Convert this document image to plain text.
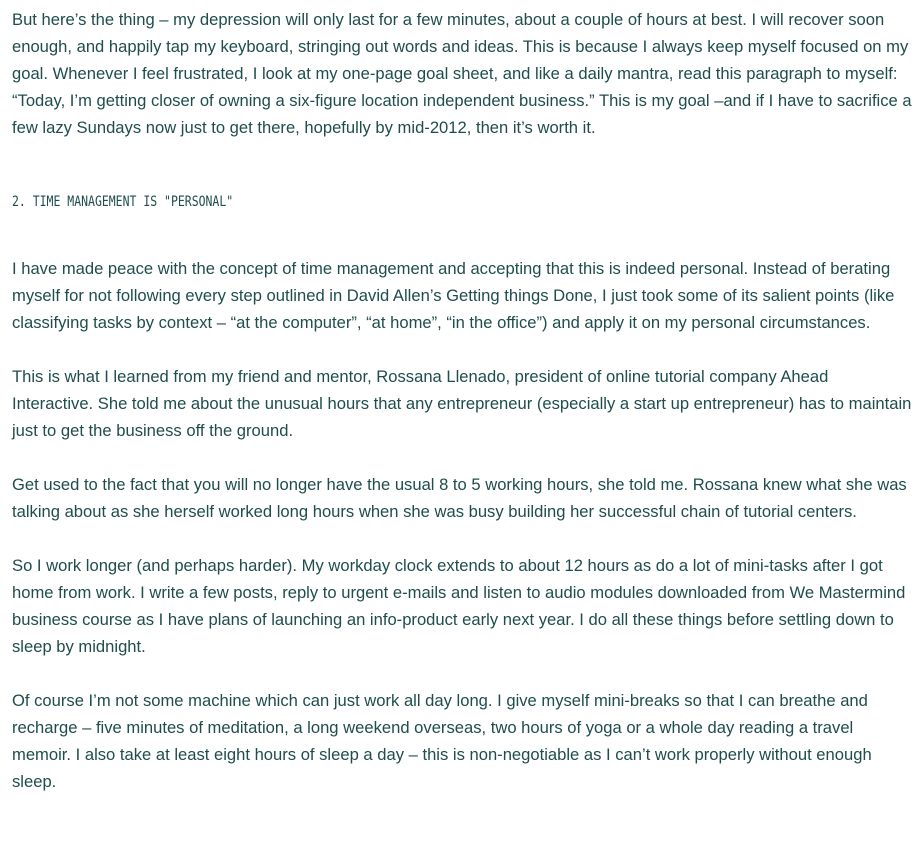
But here’s the thing – my depression will only last for a few minutes, about a couple of hours at best. I will recover soon enough, and happily tap my keyboard, stringing out words and ideas. This is because I always keep myself focused on my goal. Whenever I feel frustrated, I look at my one-page goal sheet, and like a daily mantra, read this paragraph to myself: “Today, I’m getting closer of owning a six-figure location independent business.” This is my goal –and if I have to sacrifice a few lazy Sundays now just to get there, hopefully by mid-2012, then it’s worth it.

2. TIME MANAGEMENT IS "PERSONAL"

I have made peace with the concept of time management and accepting that this is indeed personal. Instead of berating myself for not following every step outlined in David Allen’s Getting things Done, I just took some of its salient points (like classifying tasks by context – “at the computer”, “at home”, “in the office”) and apply it on my personal circumstances.

This is what I learned from my friend and mentor, Rossana Llenado, president of online tutorial company Ahead Interactive. She told me about the unusual hours that any entrepreneur (especially a start up entrepreneur) has to maintain just to get the business off the ground.

Get used to the fact that you will no longer have the usual 8 to 5 working hours, she told me. Rossana knew what she was talking about as she herself worked long hours when she was busy building her successful chain of tutorial centers.

So I work longer (and perhaps harder). My workday clock extends to about 12 hours as do a lot of mini-tasks after I got home from work. I write a few posts, reply to urgent e-mails and listen to audio modules downloaded from We Mastermind business course as I have plans of launching an info-product early next year. I do all these things before settling down to sleep by midnight.

Of course I’m not some machine which can just work all day long. I give myself mini-breaks so that I can breathe and recharge – five minutes of meditation, a long weekend overseas, two hours of yoga or a whole day reading a travel memoir. I also take at least eight hours of sleep a day – this is non-negotiable as I can’t work properly without enough sleep.
